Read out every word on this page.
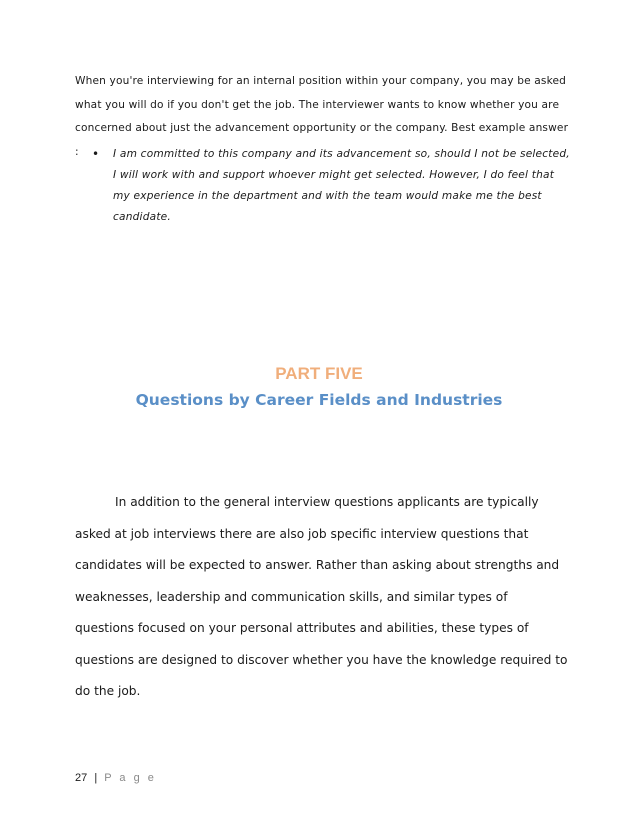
When you're interviewing for an internal position within your company, you may be asked what you will do if you don't get the job. The interviewer wants to know whether you are concerned about just the advancement opportunity or the company. Best example answer :	• I am committed to this company and its advancement so, should I not be selected, I will work with and support whoever might get selected. However, I do feel that my experience in the department and with the team would make me the best candidate.
PART FIVE
Questions by Career Fields and Industries

In addition to the general interview questions applicants are typically asked at job interviews there are also job specific interview questions that candidates will be expected to answer. Rather than asking about strengths and weaknesses, leadership and communication skills, and similar types of questions focused on your personal attributes and abilities, these types of questions are designed to discover whether you have the knowledge required to do the job.

27 | P a g e
